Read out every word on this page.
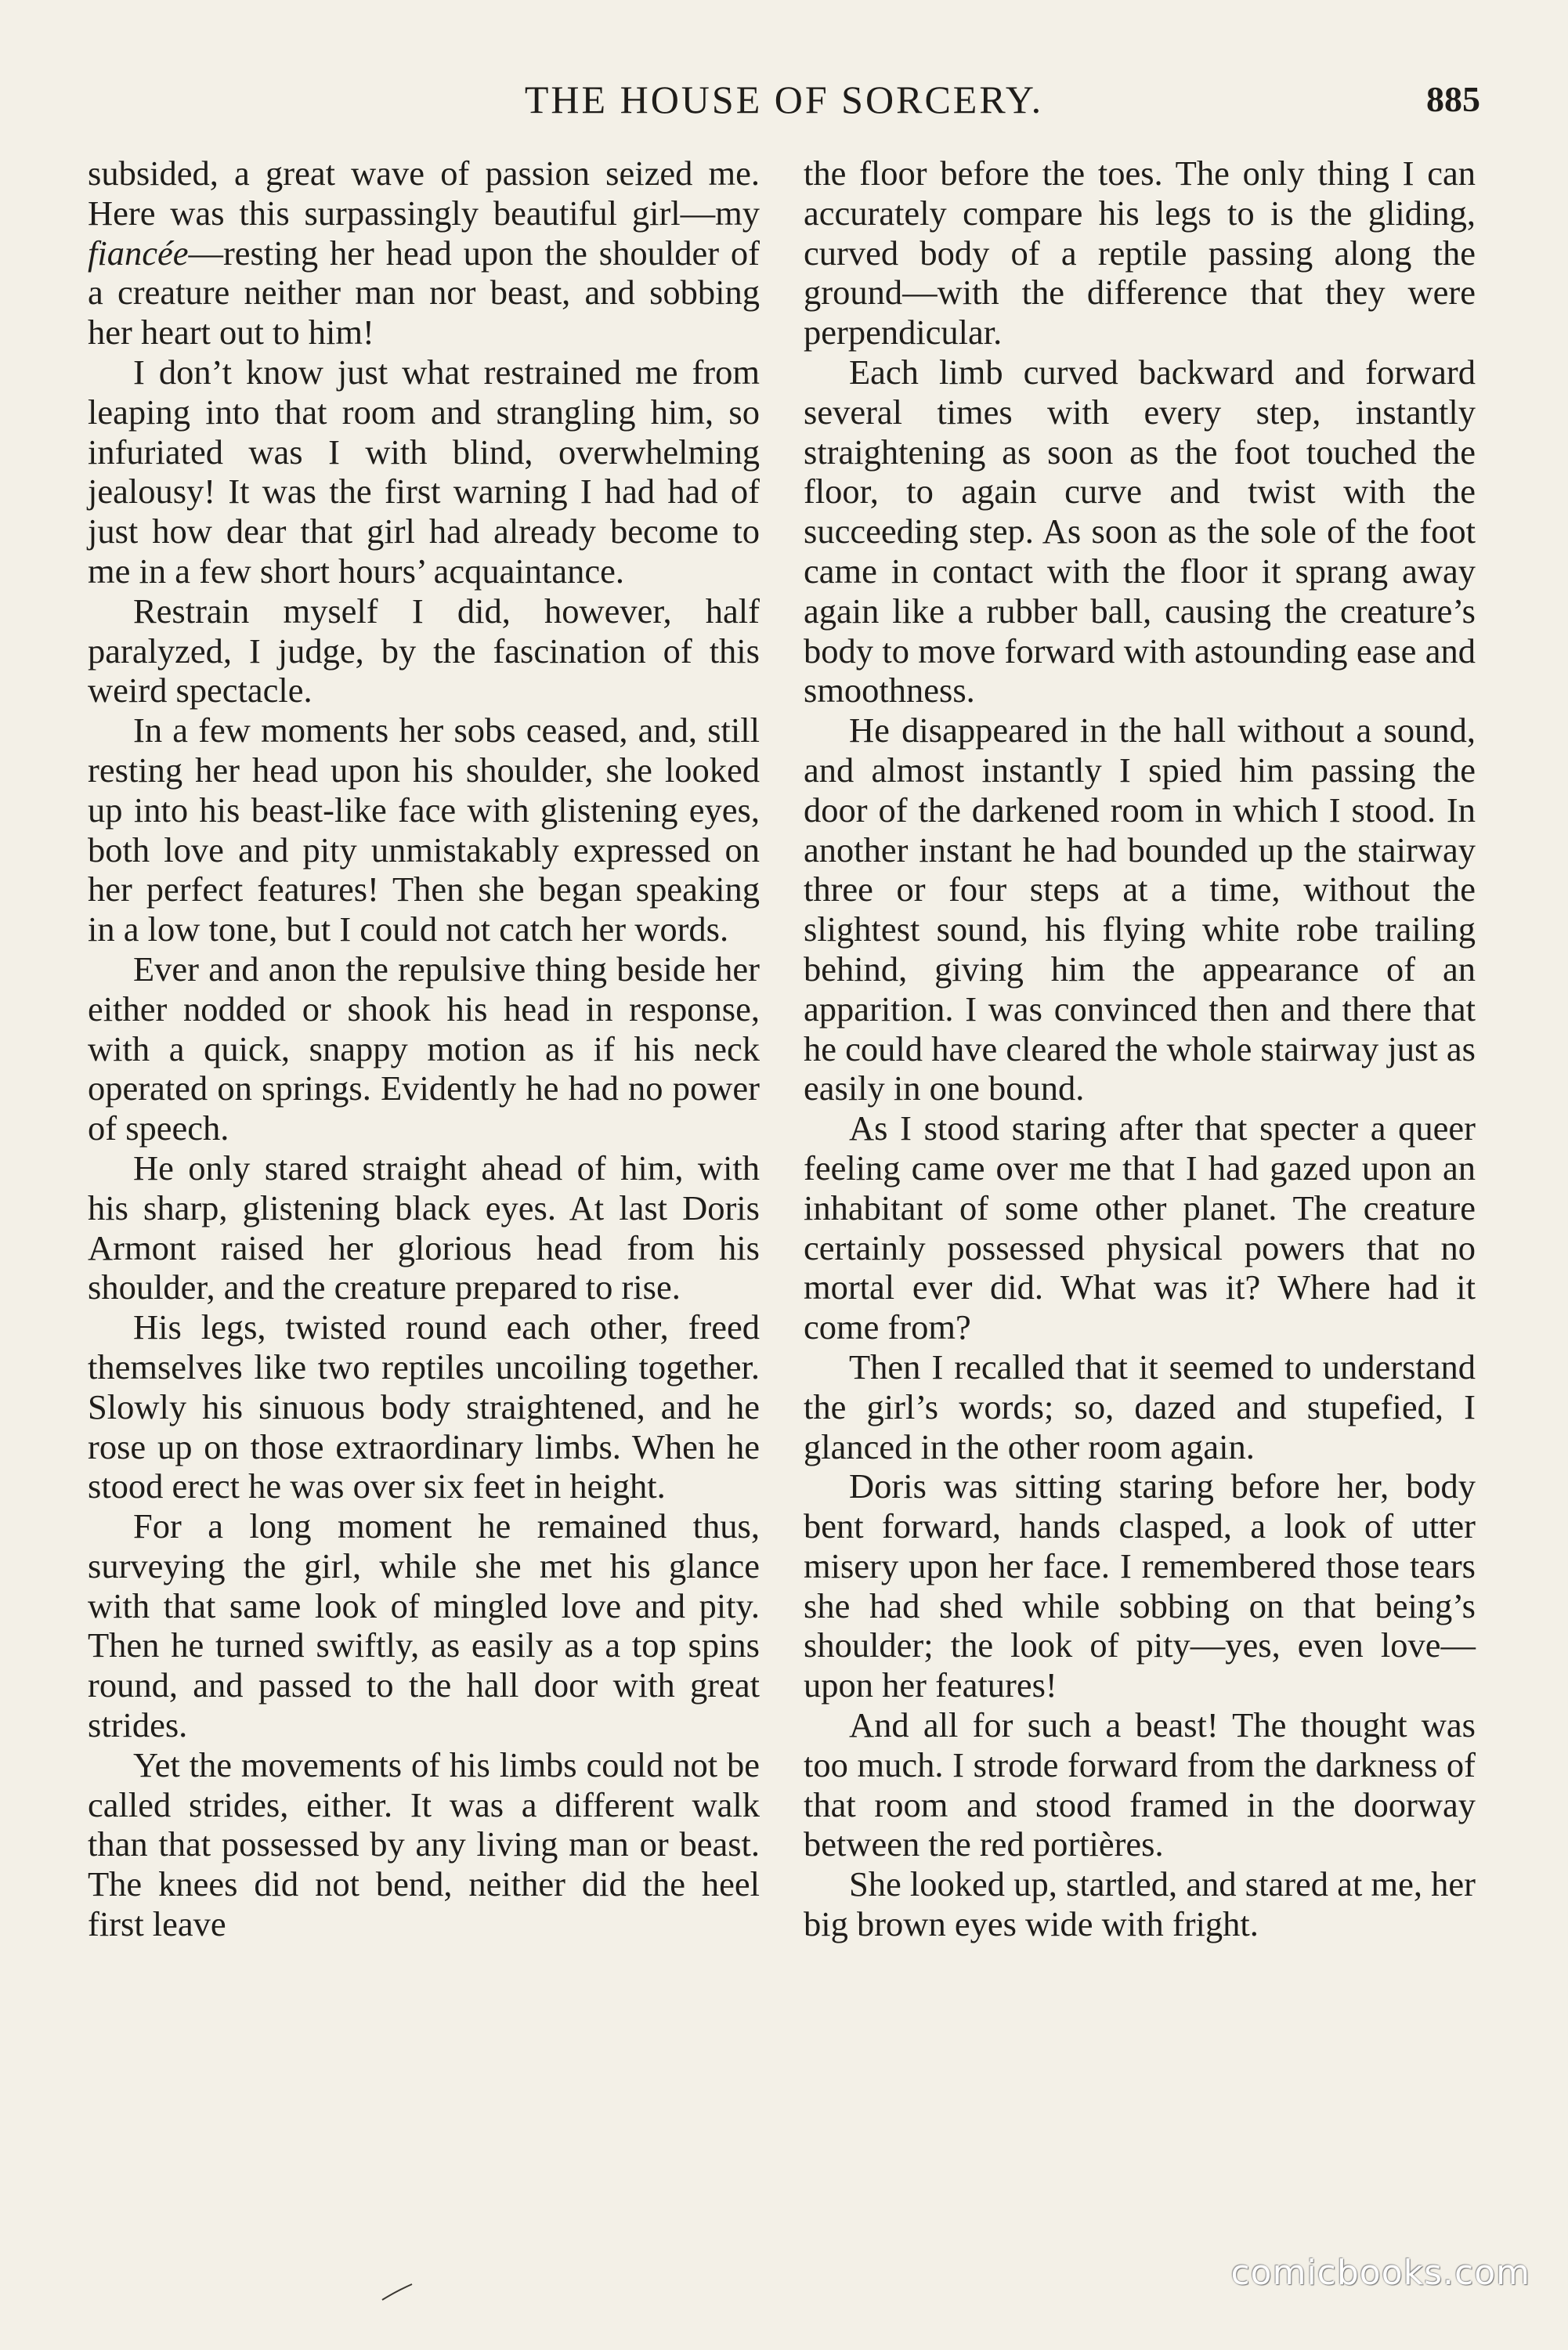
THE HOUSE OF SORCERY.	885

subsided, a great wave of passion seized me. Here was this surpassingly beautiful girl—my fiancée—resting her head upon the shoulder of a creature neither man nor beast, and sobbing her heart out to him!

I don’t know just what restrained me from leaping into that room and strangling him, so infuriated was I with blind, overwhelming jealousy! It was the first warning I had had of just how dear that girl had already become to me in a few short hours’ acquaintance.

Restrain myself I did, however, half paralyzed, I judge, by the fascination of this weird spectacle.

In a few moments her sobs ceased, and, still resting her head upon his shoulder, she looked up into his beast-like face with glistening eyes, both love and pity unmistakably expressed on her perfect features! Then she began speaking in a low tone, but I could not catch her words.

Ever and anon the repulsive thing beside her either nodded or shook his head in response, with a quick, snappy motion as if his neck operated on springs. Evidently he had no power of speech.

He only stared straight ahead of him, with his sharp, glistening black eyes. At last Doris Armont raised her glorious head from his shoulder, and the creature prepared to rise.

His legs, twisted round each other, freed themselves like two reptiles uncoiling together. Slowly his sinuous body straightened, and he rose up on those extraordinary limbs. When he stood erect he was over six feet in height.

For a long moment he remained thus, surveying the girl, while she met his glance with that same look of mingled love and pity. Then he turned swiftly, as easily as a top spins round, and passed to the hall door with great strides.

Yet the movements of his limbs could not be called strides, either. It was a different walk than that possessed by any living man or beast. The knees did not bend, neither did the heel first leave

the floor before the toes. The only thing I can accurately compare his legs to is the gliding, curved body of a reptile passing along the ground—with the difference that they were perpendicular.

Each limb curved backward and forward several times with every step, instantly straightening as soon as the foot touched the floor, to again curve and twist with the succeeding step. As soon as the sole of the foot came in contact with the floor it sprang away again like a rubber ball, causing the creature’s body to move forward with astounding ease and smoothness.

He disappeared in the hall without a sound, and almost instantly I spied him passing the door of the darkened room in which I stood. In another instant he had bounded up the stairway three or four steps at a time, without the slightest sound, his flying white robe trailing behind, giving him the appearance of an apparition. I was convinced then and there that he could have cleared the whole stairway just as easily in one bound.

As I stood staring after that specter a queer feeling came over me that I had gazed upon an inhabitant of some other planet. The creature certainly possessed physical powers that no mortal ever did. What was it? Where had it come from?

Then I recalled that it seemed to understand the girl’s words; so, dazed and stupefied, I glanced in the other room again.

Doris was sitting staring before her, body bent forward, hands clasped, a look of utter misery upon her face. I remembered those tears she had shed while sobbing on that being’s shoulder; the look of pity—yes, even love—upon her features!

And all for such a beast! The thought was too much. I strode forward from the darkness of that room and stood framed in the doorway between the red portières.

She looked up, startled, and stared at me, her big brown eyes wide with fright.

comicbooks.com
